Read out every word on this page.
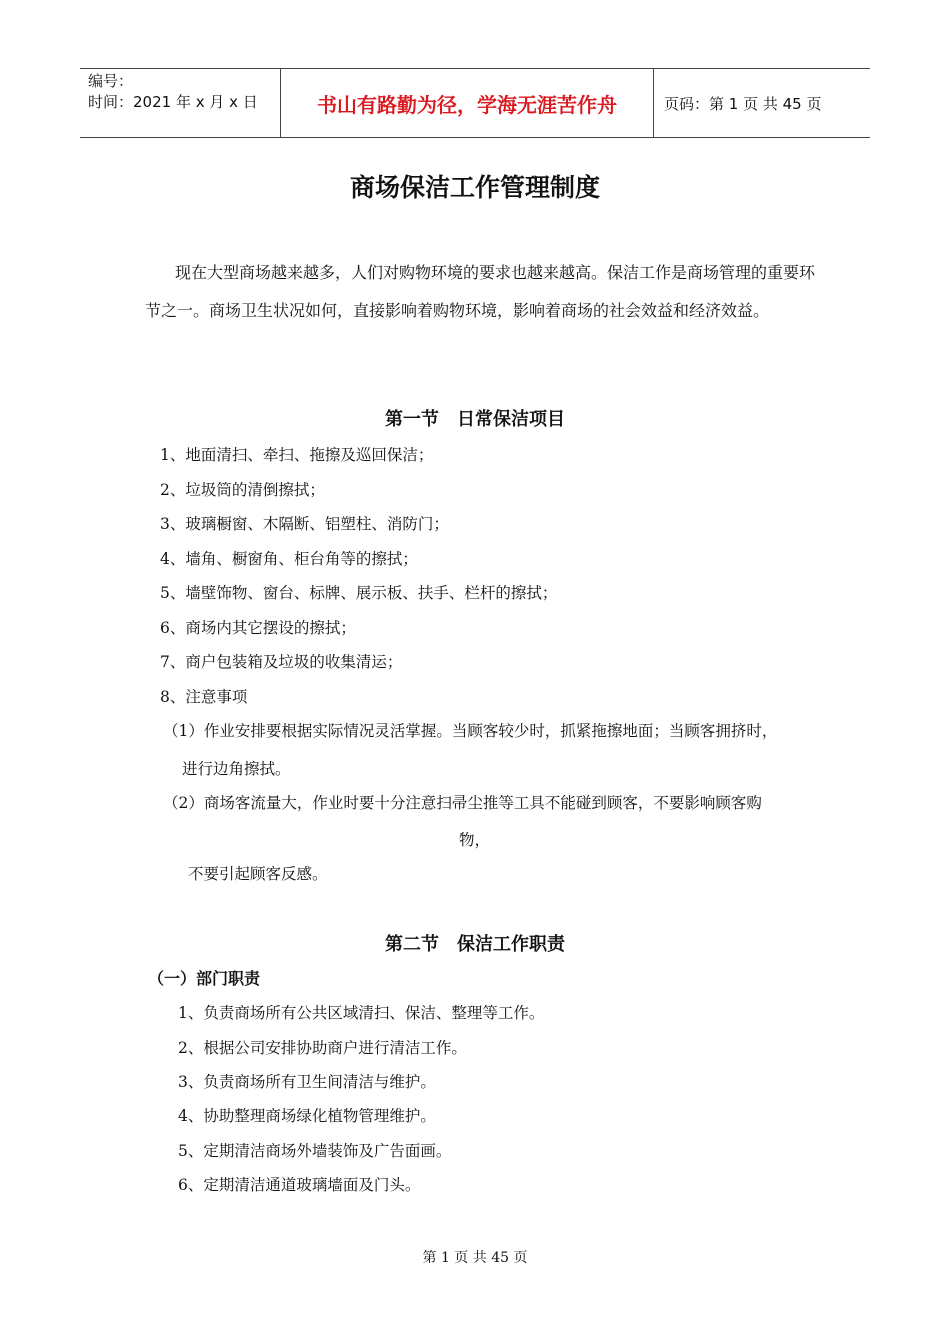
编号：
时间：2021 年 x 月 x 日	书山有路勤为径，学海无涯苦作舟	页码：第 1 页 共 45 页
商场保洁工作管理制度
现在大型商场越来越多，人们对购物环境的要求也越来越高。保洁工作是商场管理的重要环节之一。商场卫生状况如何，直接影响着购物环境，影响着商场的社会效益和经济效益。
第一节　日常保洁项目
1、地面清扫、牵扫、拖擦及巡回保洁；
2、垃圾筒的清倒擦拭；
3、玻璃橱窗、木隔断、铝塑柱、消防门；
4、墙角、橱窗角、柜台角等的擦拭；
5、墙壁饰物、窗台、标牌、展示板、扶手、栏杆的擦拭；
6、商场内其它摆设的擦拭；
7、商户包装箱及垃圾的收集清运；
8、注意事项
（1）作业安排要根据实际情况灵活掌握。当顾客较少时，抓紧拖擦地面；当顾客拥挤时，
进行边角擦拭。
（2）商场客流量大，作业时要十分注意扫帚尘推等工具不能碰到顾客，不要影响顾客购
物，
不要引起顾客反感。
第二节　保洁工作职责
（一）部门职责
1、负责商场所有公共区域清扫、保洁、整理等工作。
2、根据公司安排协助商户进行清洁工作。
3、负责商场所有卫生间清洁与维护。
4、协助整理商场绿化植物管理维护。
5、定期清洁商场外墙装饰及广告面画。
6、定期清洁通道玻璃墙面及门头。
第 1 页 共 45 页
